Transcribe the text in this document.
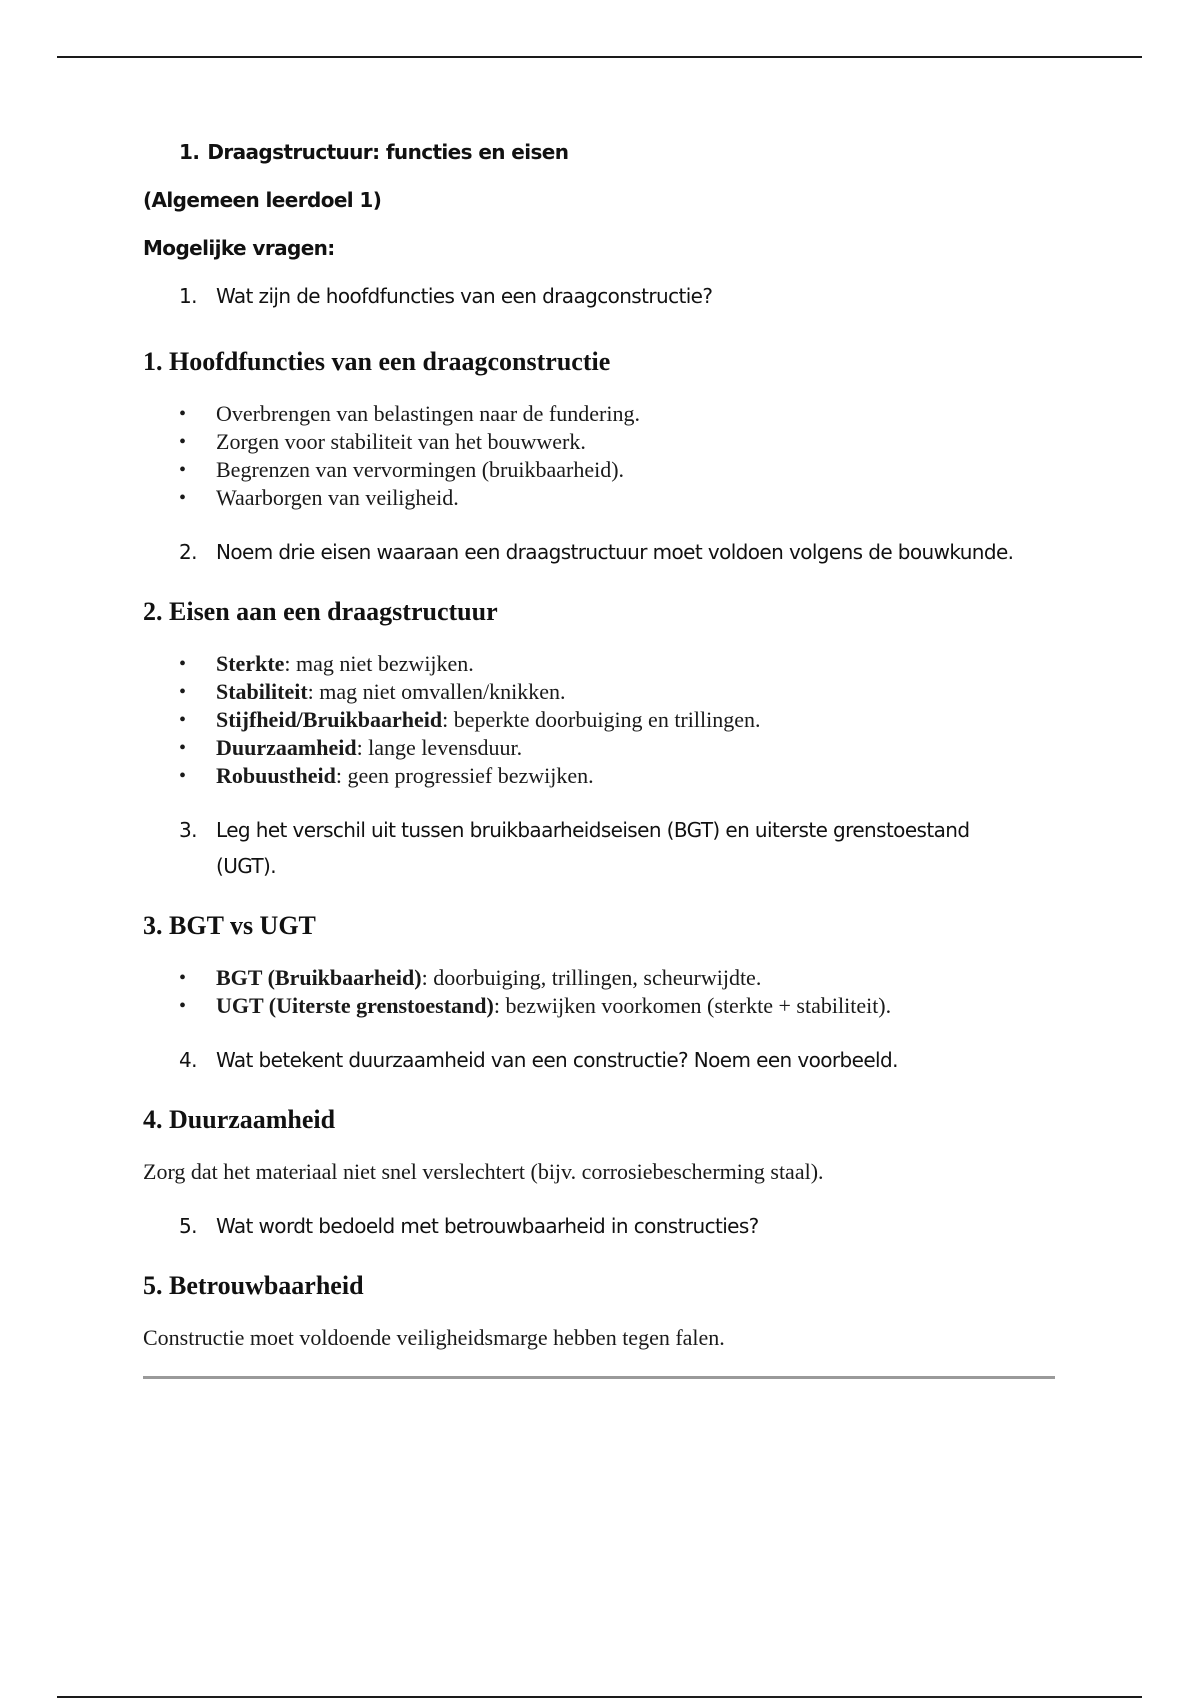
1. Draagstructuur: functies en eisen
(Algemeen leerdoel 1)
Mogelijke vragen:
1. Wat zijn de hoofdfuncties van een draagconstructie?
1. Hoofdfuncties van een draagconstructie
• Overbrengen van belastingen naar de fundering.
• Zorgen voor stabiliteit van het bouwwerk.
• Begrenzen van vervormingen (bruikbaarheid).
• Waarborgen van veiligheid.
2. Noem drie eisen waaraan een draagstructuur moet voldoen volgens de bouwkunde.
2. Eisen aan een draagstructuur
• Sterkte: mag niet bezwijken.
• Stabiliteit: mag niet omvallen/knikken.
• Stijfheid/Bruikbaarheid: beperkte doorbuiging en trillingen.
• Duurzaamheid: lange levensduur.
• Robuustheid: geen progressief bezwijken.
3. Leg het verschil uit tussen bruikbaarheidseisen (BGT) en uiterste grenstoestand (UGT).
3. BGT vs UGT
• BGT (Bruikbaarheid): doorbuiging, trillingen, scheurwijdte.
• UGT (Uiterste grenstoestand): bezwijken voorkomen (sterkte + stabiliteit).
4. Wat betekent duurzaamheid van een constructie? Noem een voorbeeld.
4. Duurzaamheid

Zorg dat het materiaal niet snel verslechtert (bijv. corrosiebescherming staal).

5. Wat wordt bedoeld met betrouwbaarheid in constructies?
5. Betrouwbaarheid

Constructie moet voldoende veiligheidsmarge hebben tegen falen.
